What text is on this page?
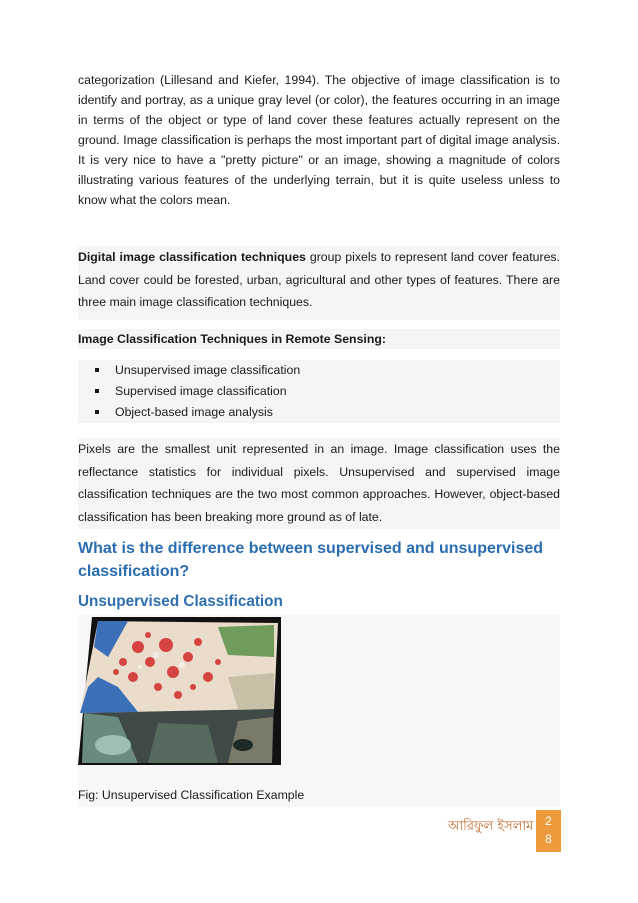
categorization (Lillesand and Kiefer, 1994). The objective of image classification is to identify and portray, as a unique gray level (or color), the features occurring in an image in terms of the object or type of land cover these features actually represent on the ground. Image classification is perhaps the most important part of digital image analysis. It is very nice to have a "pretty picture" or an image, showing a magnitude of colors illustrating various features of the underlying terrain, but it is quite useless unless to know what the colors mean.

Digital image classification techniques group pixels to represent land cover features. Land cover could be forested, urban, agricultural and other types of features. There are three main image classification techniques.

Image Classification Techniques in Remote Sensing:
Unsupervised image classification
Supervised image classification
Object-based image analysis

Pixels are the smallest unit represented in an image. Image classification uses the reflectance statistics for individual pixels. Unsupervised and supervised image classification techniques are the two most common approaches. However, object-based classification has been breaking more ground as of late.

What is the difference between supervised and unsupervised classification?
Unsupervised Classification

Fig: Unsupervised Classification Example

আরিফুল ইসলাম 2
8
